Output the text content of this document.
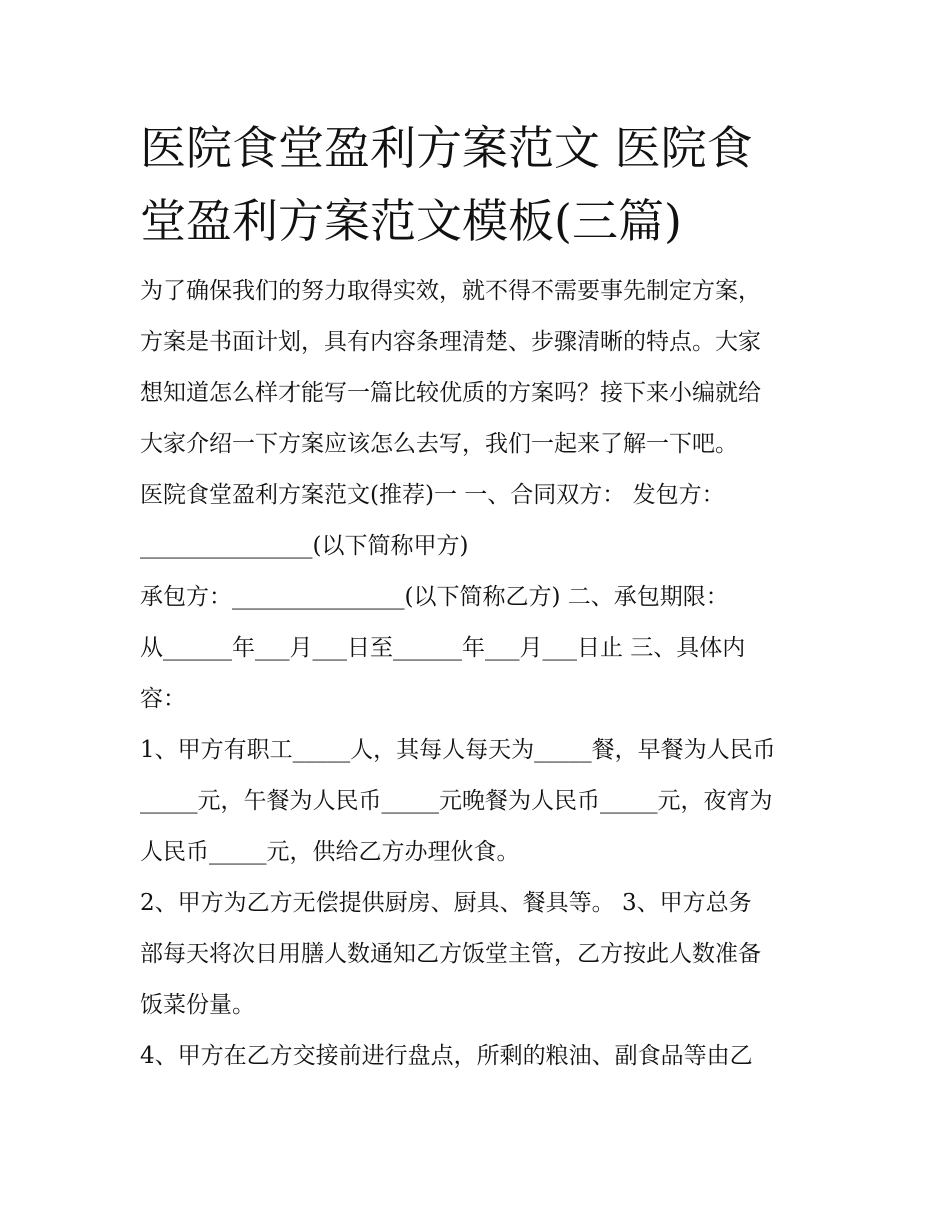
医院食堂盈利方案范文 医院食
堂盈利方案范文模板(三篇)

为了确保我们的努力取得实效，就不得不需要事先制定方案，

方案是书面计划，具有内容条理清楚、步骤清晰的特点。大家

想知道怎么样才能写一篇比较优质的方案吗？接下来小编就给

大家介绍一下方案应该怎么去写，我们一起来了解一下吧。

医院食堂盈利方案范文(推荐)一 一、合同双方： 发包方：

_______________(以下简称甲方)

承包方：_______________(以下简称乙方) 二、承包期限：

从______年___月___日至______年___月___日止 三、具体内

容：

1、甲方有职工_____人，其每人每天为_____餐，早餐为人民币

_____元，午餐为人民币_____元晚餐为人民币_____元，夜宵为

人民币_____元，供给乙方办理伙食。

2、甲方为乙方无偿提供厨房、厨具、餐具等。 3、甲方总务

部每天将次日用膳人数通知乙方饭堂主管，乙方按此人数准备

饭菜份量。

4、甲方在乙方交接前进行盘点，所剩的粮油、副食品等由乙
